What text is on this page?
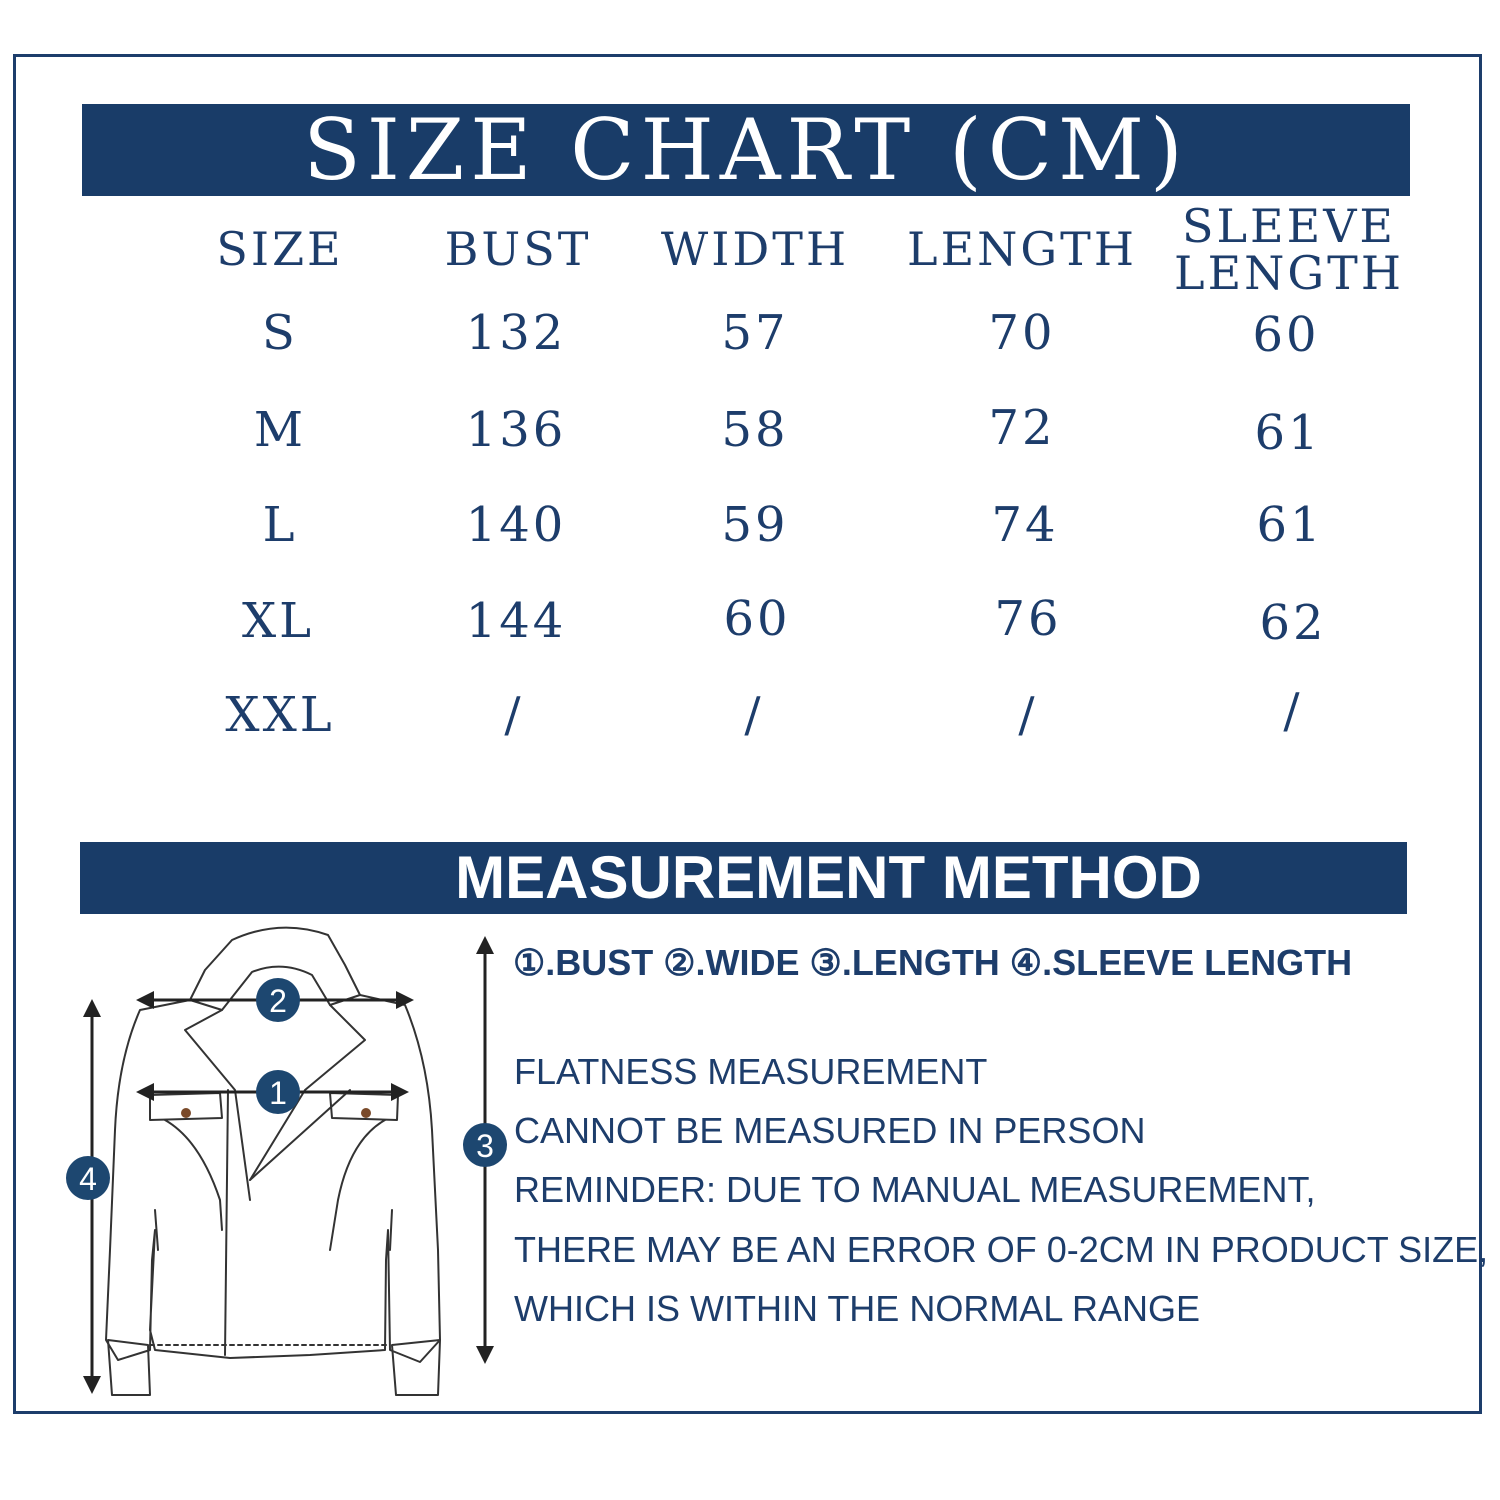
SIZE CHART (CM)
SIZE BUST WIDTH LENGTH SLEEVE
LENGTH
S	132	57	70	60
M	136	58	72	61
L	140	59	74	61
XL	144	60	76	62
XXL	/	/	/	/
MEASUREMENT METHOD
①.BUST ②.WIDE ③.LENGTH ④.SLEEVE LENGTH
FLATNESS MEASUREMENT
CANNOT BE MEASURED IN PERSON
REMINDER: DUE TO MANUAL MEASUREMENT,
THERE MAY BE AN ERROR OF 0-2CM IN PRODUCT SIZE,
WHICH IS WITHIN THE NORMAL RANGE
1
2
3
4
